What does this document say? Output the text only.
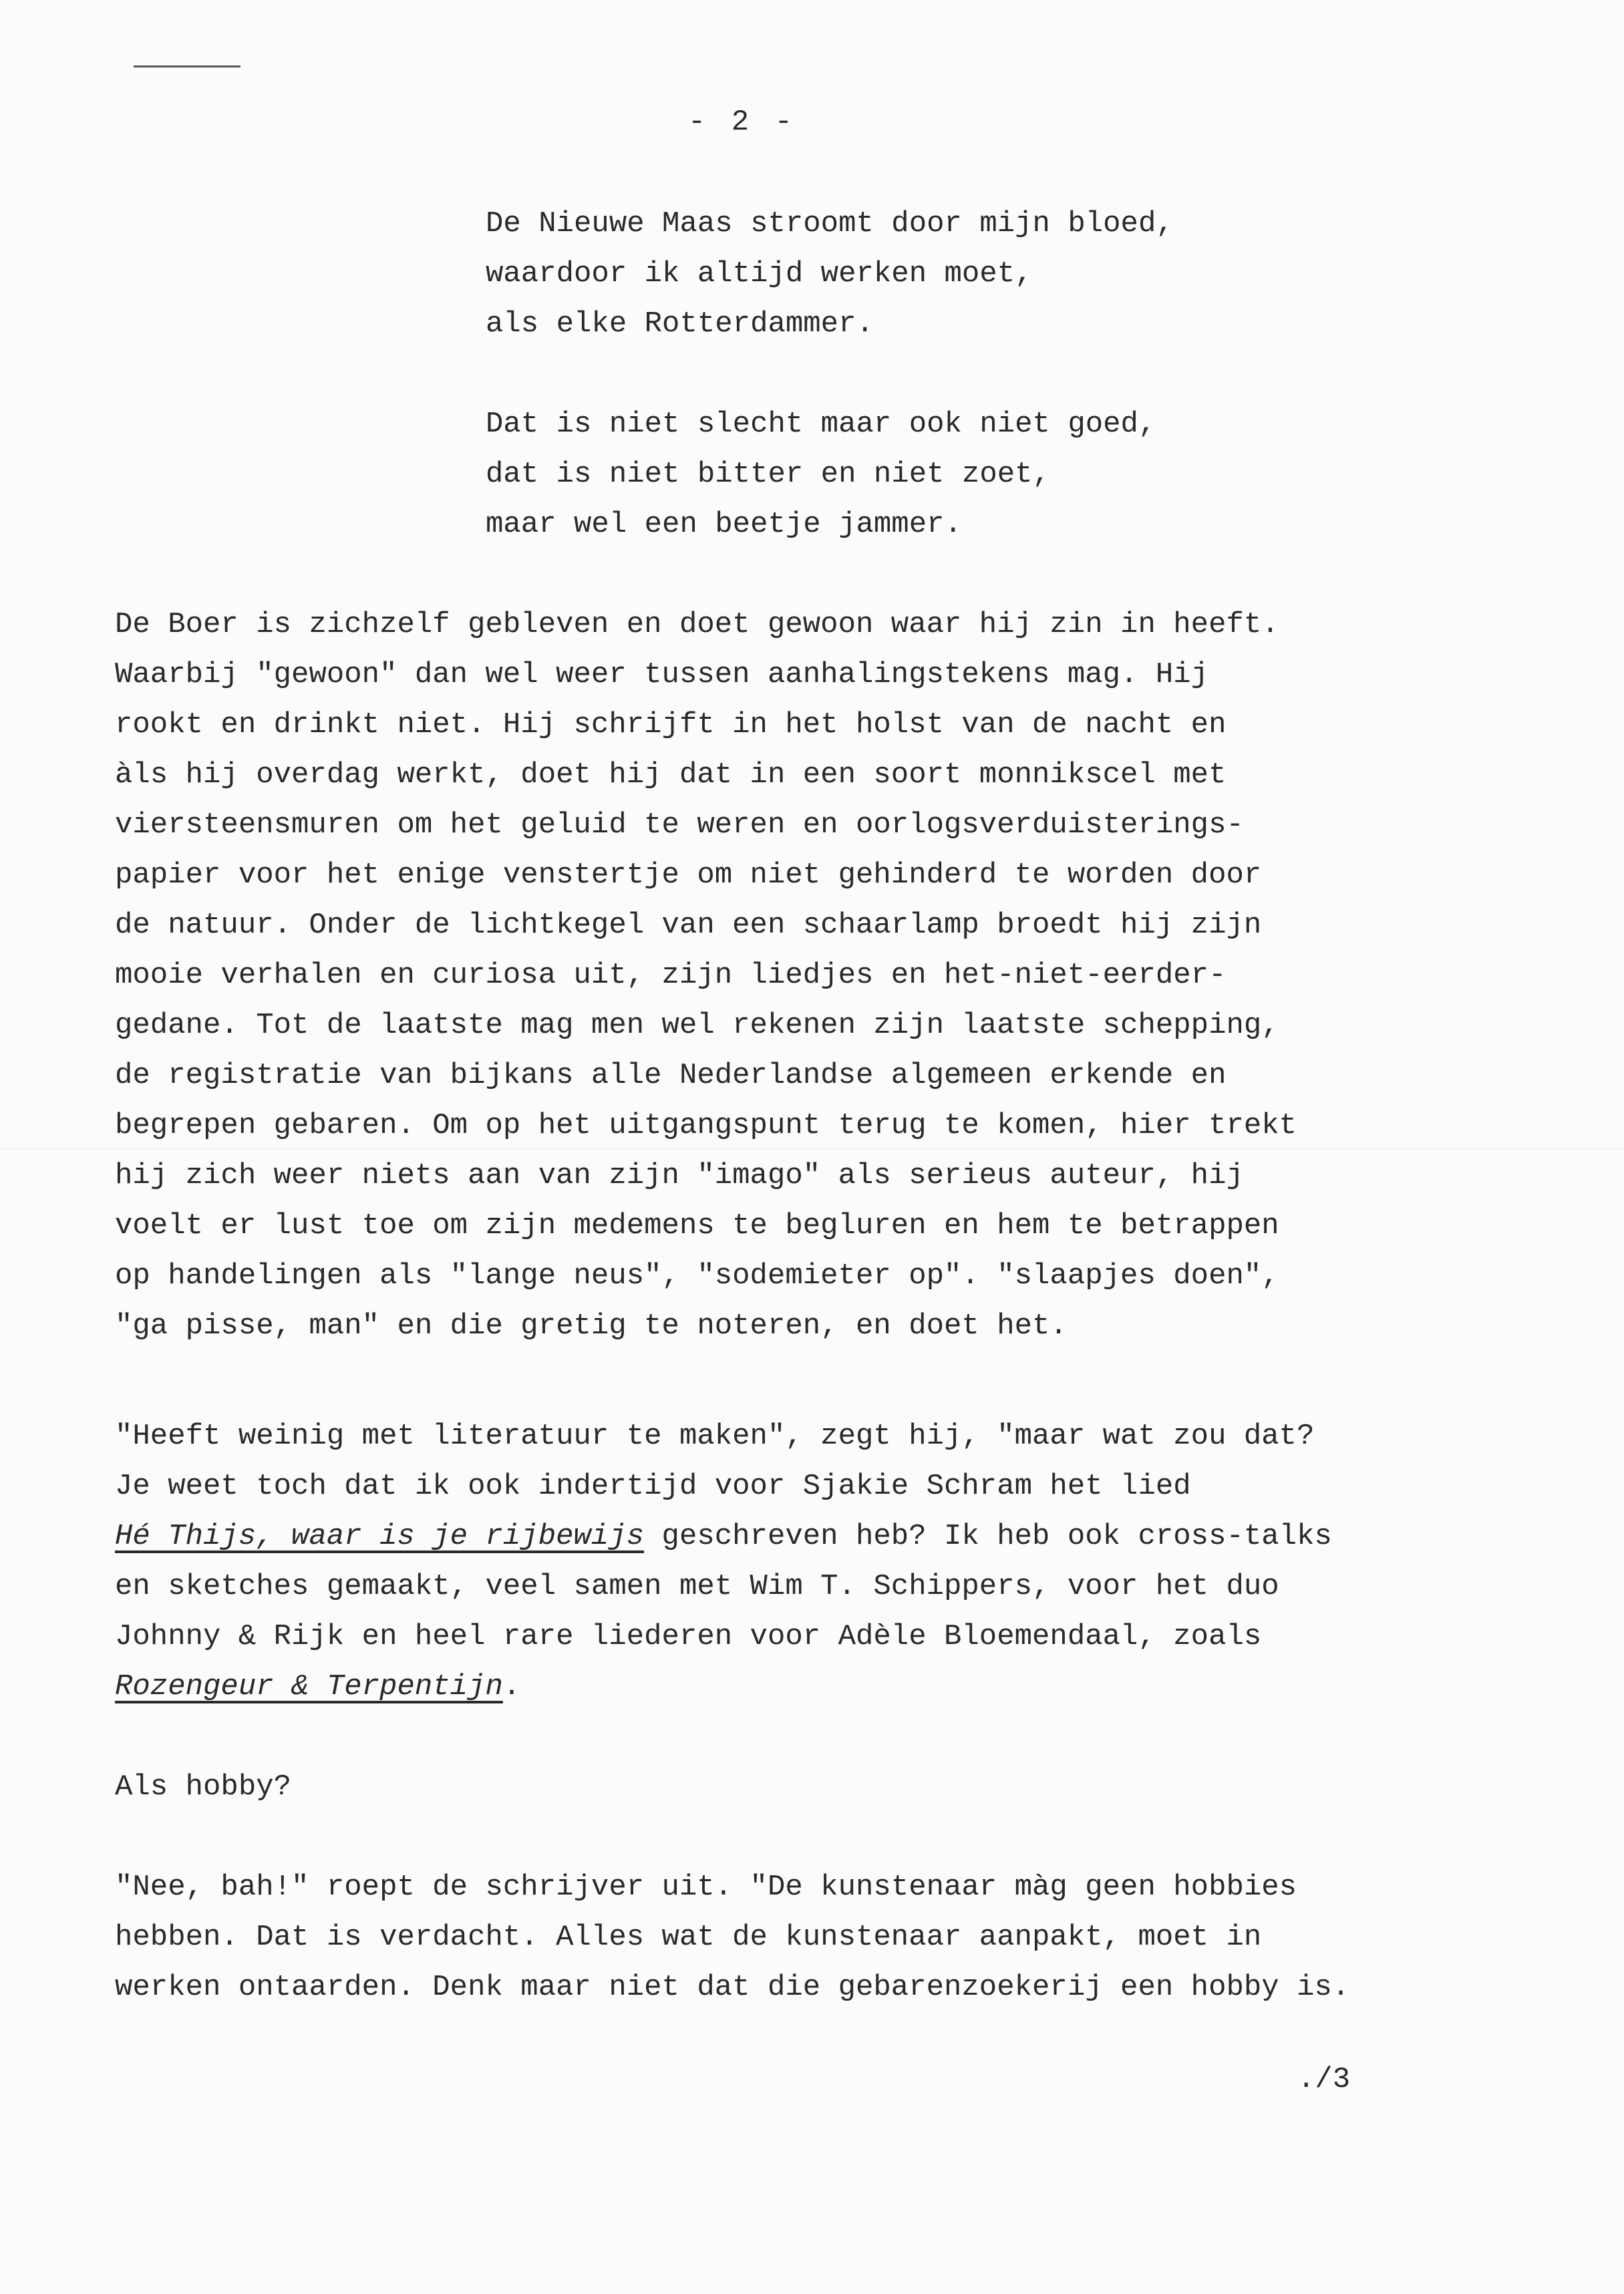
- 2 -
De Nieuwe Maas stroomt door mijn bloed,
waardoor ik altijd werken moet,
als elke Rotterdammer.
Dat is niet slecht maar ook niet goed,
dat is niet bitter en niet zoet,
maar wel een beetje jammer.
De Boer is zichzelf gebleven en doet gewoon waar hij zin in heeft.
Waarbij "gewoon" dan wel weer tussen aanhalingstekens mag. Hij
rookt en drinkt niet. Hij schrijft in het holst van de nacht en
àls hij overdag werkt, doet hij dat in een soort monnikscel met
viersteensmuren om het geluid te weren en oorlogsverduisterings-
papier voor het enige venstertje om niet gehinderd te worden door
de natuur. Onder de lichtkegel van een schaarlamp broedt hij zijn
mooie verhalen en curiosa uit, zijn liedjes en het-niet-eerder-
gedane. Tot de laatste mag men wel rekenen zijn laatste schepping,
de registratie van bijkans alle Nederlandse algemeen erkende en
begrepen gebaren. Om op het uitgangspunt terug te komen, hier trekt
hij zich weer niets aan van zijn "imago" als serieus auteur, hij
voelt er lust toe om zijn medemens te begluren en hem te betrappen
op handelingen als "lange neus", "sodemieter op". "slaapjes doen",
"ga pisse, man" en die gretig te noteren, en doet het.
"Heeft weinig met literatuur te maken", zegt hij, "maar wat zou dat?
Je weet toch dat ik ook indertijd voor Sjakie Schram het lied
Hé Thijs, waar is je rijbewijs geschreven heb? Ik heb ook cross-talks
en sketches gemaakt, veel samen met Wim T. Schippers, voor het duo
Johnny & Rijk en heel rare liederen voor Adèle Bloemendaal, zoals
Rozengeur & Terpentijn.
Als hobby?
"Nee, bah!" roept de schrijver uit. "De kunstenaar màg geen hobbies
hebben. Dat is verdacht. Alles wat de kunstenaar aanpakt, moet in
werken ontaarden. Denk maar niet dat die gebarenzoekerij een hobby is.
./3
